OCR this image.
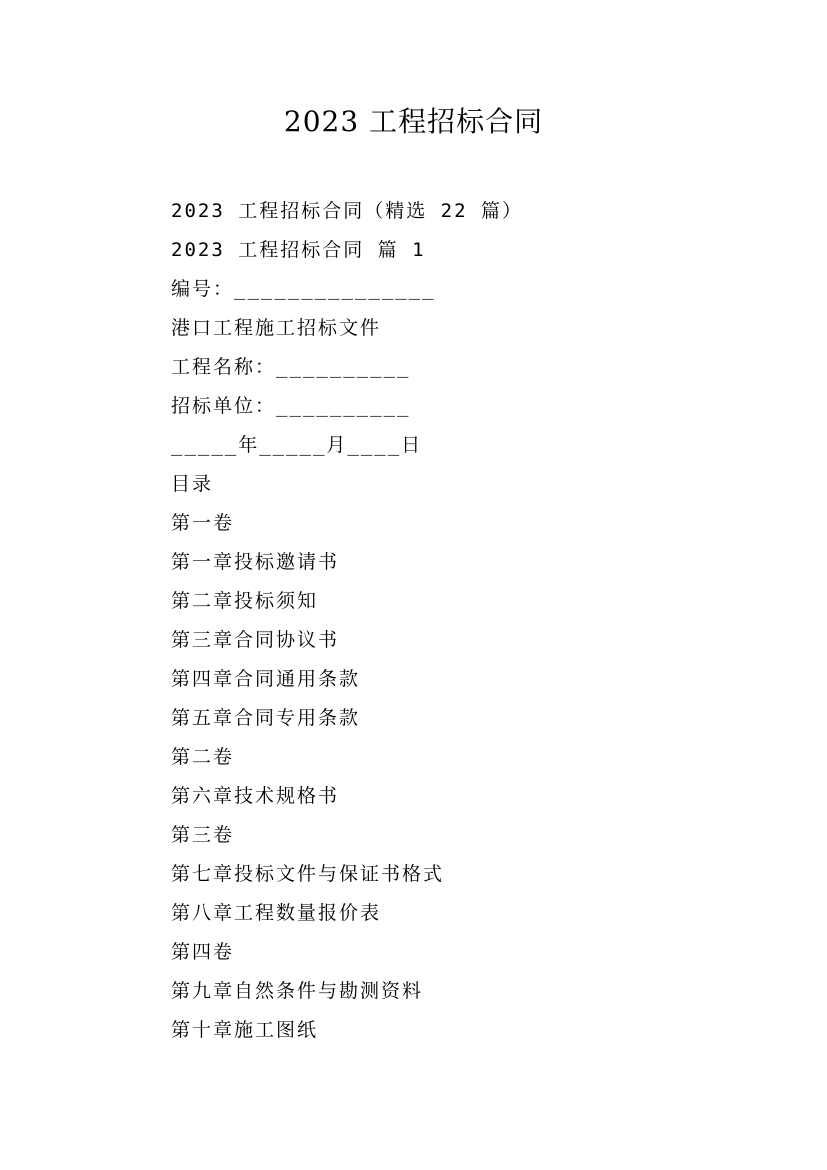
2023 工程招标合同
2023 工程招标合同（精选 22 篇）
2023 工程招标合同 篇 1
编号：_______________
港口工程施工招标文件
工程名称：__________
招标单位：__________
_____年_____月____日
目录
第一卷
第一章投标邀请书
第二章投标须知
第三章合同协议书
第四章合同通用条款
第五章合同专用条款
第二卷
第六章技术规格书
第三卷
第七章投标文件与保证书格式
第八章工程数量报价表
第四卷
第九章自然条件与勘测资料
第十章施工图纸
